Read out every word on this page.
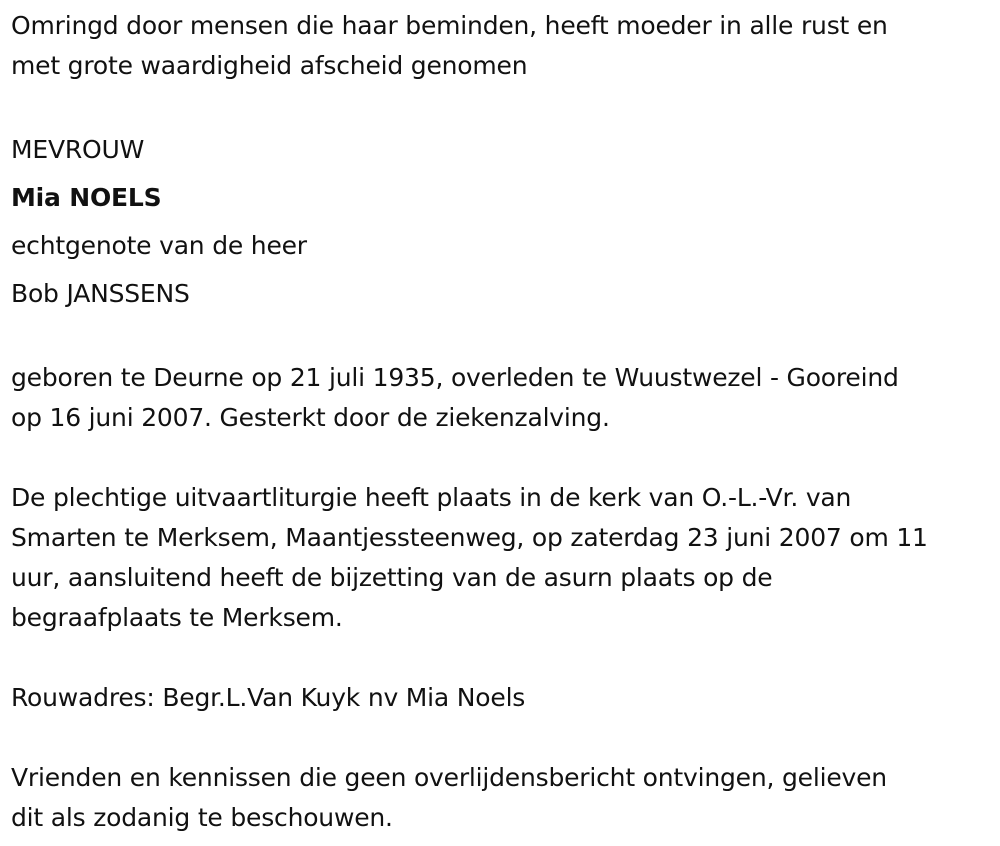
Omringd door mensen die haar beminden, heeft moeder in alle rust en
met grote waardigheid afscheid genomen

MEVROUW
Mia NOELS
echtgenote van de heer
Bob JANSSENS

geboren te Deurne op 21 juli 1935, overleden te Wuustwezel - Gooreind
op 16 juni 2007. Gesterkt door de ziekenzalving.

De plechtige uitvaartliturgie heeft plaats in de kerk van O.-L.-Vr. van
Smarten te Merksem, Maantjessteenweg, op zaterdag 23 juni 2007 om 11
uur, aansluitend heeft de bijzetting van de asurn plaats op de
begraafplaats te Merksem.

Rouwadres: Begr.L.Van Kuyk nv Mia Noels

Vrienden en kennissen die geen overlijdensbericht ontvingen, gelieven
dit als zodanig te beschouwen.
